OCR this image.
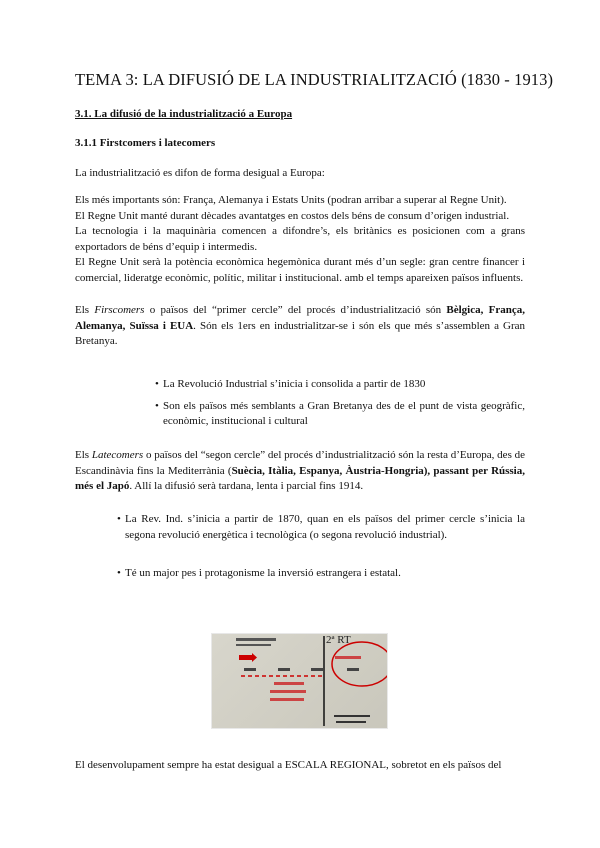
TEMA 3: LA DIFUSIÓ DE LA INDUSTRIALITZACIÓ (1830 - 1913)
3.1. La difusió de la industrialització a Europa
3.1.1 Firstcomers i latecomers

La industrialització es difon de forma desigual a Europa:

Els més importants són: França, Alemanya i Estats Units (podran arribar a superar al Regne Unit).
El Regne Unit manté durant dècades avantatges en costos dels béns de consum d’origen industrial.
La tecnologia i la maquinària comencen a difondre’s, els britànics es posicionen com a grans exportadors de béns d’equip i intermedis.
El Regne Unit serà la potència econòmica hegemònica durant més d’un segle: gran centre financer i comercial, lideratge econòmic, polític, militar i institucional. amb el temps apareixen països influents.

Els Firscomers o països del “primer cercle” del procés d’industrialització són Bèlgica, França, Alemanya, Suïssa i EUA. Són els 1ers en industrialitzar-se i són els que més s’assemblen a Gran Bretanya.

• La Revolució Industrial s’inicia i consolida a partir de 1830
• Son els països més semblants a Gran Bretanya des de el punt de vista geogràfic, econòmic, institucional i cultural

Els Latecomers o països del “segon cercle” del procés d’industrialització són la resta d’Europa, des de Escandinàvia fins la Mediterrània (Suècia, Itàlia, Espanya, Àustria-Hongria), passant per Rússia, més el Japó. Allí la difusió serà tardana, lenta i parcial fins 1914.

• La Rev. Ind. s’inicia a partir de 1870, quan en els països del primer cercle s’inicia la segona revolució energètica i tecnològica (o segona revolució industrial).
• Té un major pes i protagonisme la inversió estrangera i estatal.
2ª RT

El desenvolupament sempre ha estat desigual a ESCALA REGIONAL, sobretot en els països del
